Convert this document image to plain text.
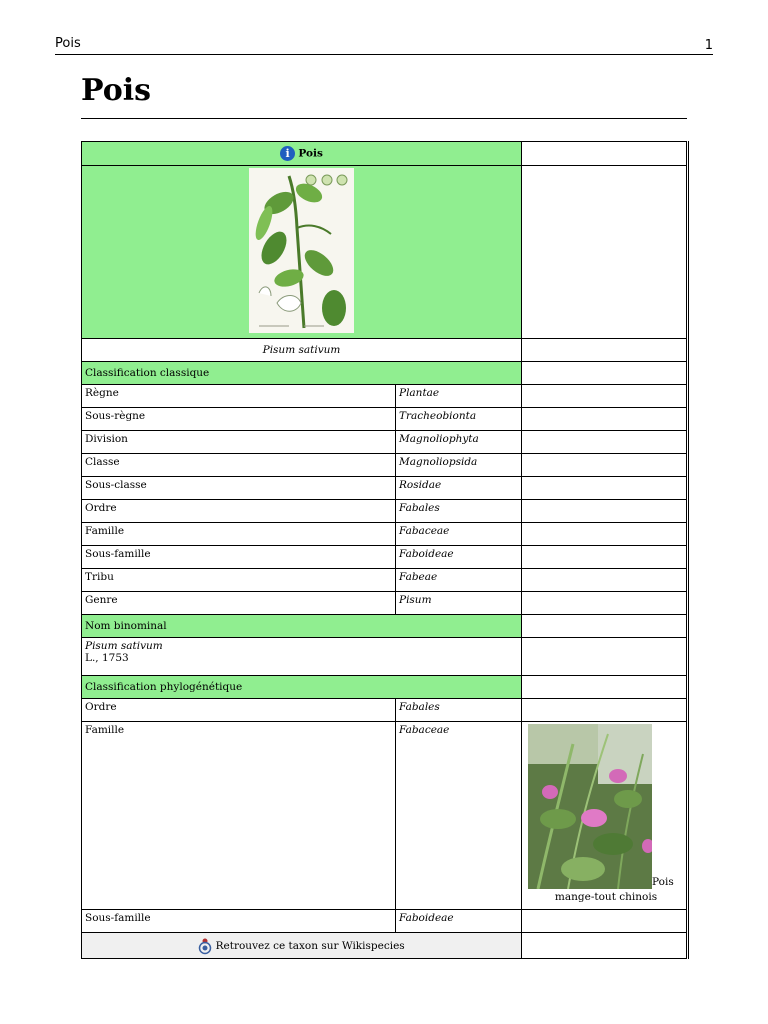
Pois	1
Pois
i Pois		

Pisum sativum		
Classification classique		
Règne	Plantae	
Sous-règne	Tracheobionta	
Division	Magnoliophyta	
Classe	Magnoliopsida	
Sous-classe	Rosidae	
Ordre	Fabales	
Famille	Fabaceae	
Sous-famille	Faboideae	
Tribu	Fabeae	
Genre	Pisum	
Nom binominal		
Pisum sativum
L., 1753		
Classification phylogénétique		
Ordre	Fabales	
Famille	Fabaceae	Pois
mange-tout chinois

Sous-famille	Faboideae	
Retrouvez ce taxon sur Wikispecies		
